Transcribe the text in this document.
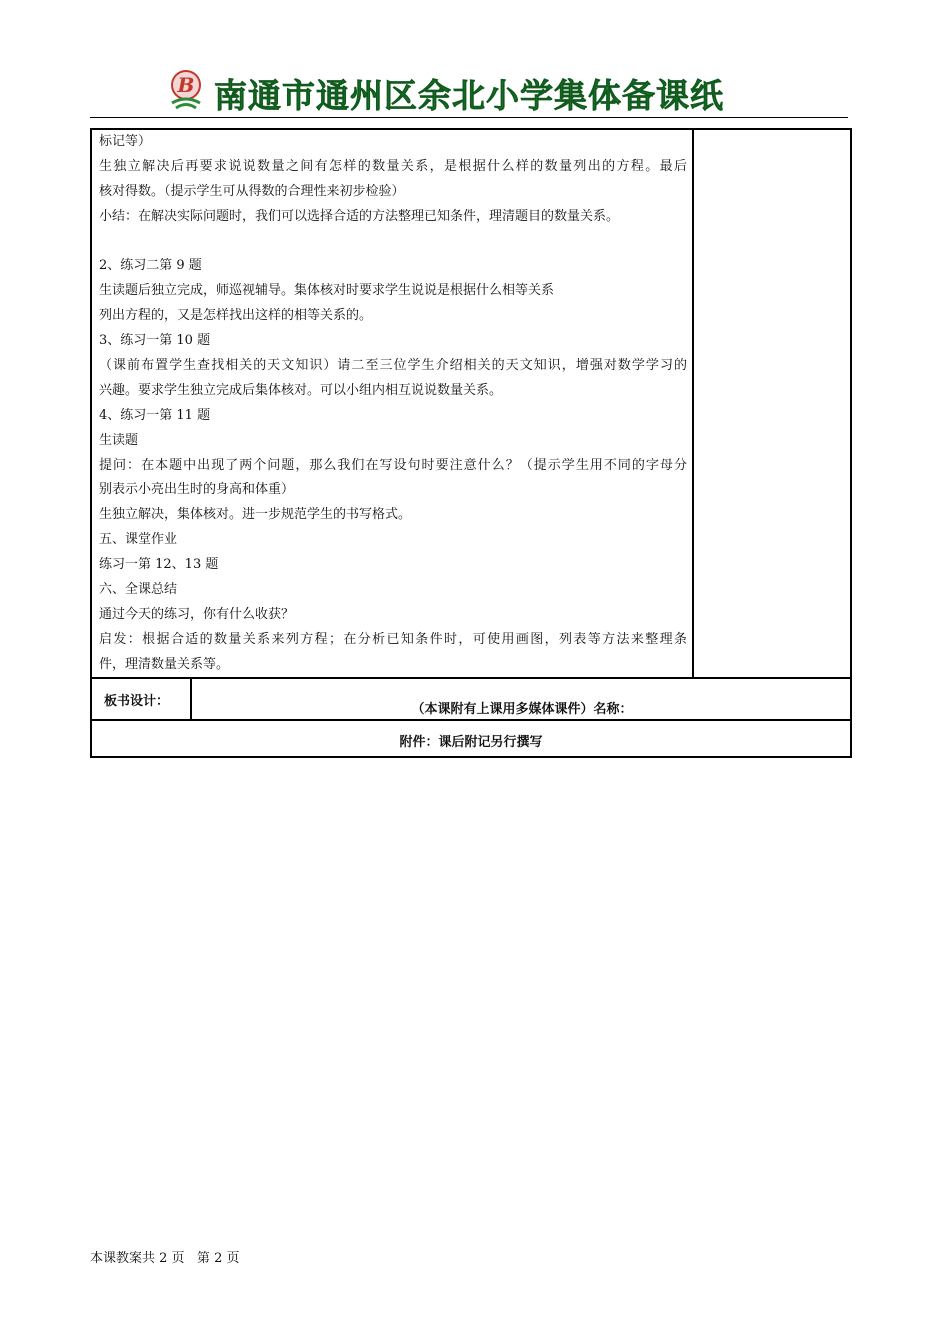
B 南通市通州区余北小学集体备课纸
标记等）
生独立解决后再要求说说数量之间有怎样的数量关系，是根据什么样的数量列出的方程。最后
核对得数。（提示学生可从得数的合理性来初步检验）
小结：在解决实际问题时，我们可以选择合适的方法整理已知条件，理清题目的数量关系。
2、练习二第 9 题
生读题后独立完成，师巡视辅导。集体核对时要求学生说说是根据什么相等关系
列出方程的，又是怎样找出这样的相等关系的。
3、练习一第 10 题
（课前布置学生查找相关的天文知识）请二至三位学生介绍相关的天文知识，增强对数学学习的
兴趣。要求学生独立完成后集体核对。可以小组内相互说说数量关系。
4、练习一第 11 题
生读题
提问：在本题中出现了两个问题，那么我们在写设句时要注意什么？（提示学生用不同的字母分
别表示小亮出生时的身高和体重）
生独立解决，集体核对。进一步规范学生的书写格式。
五、课堂作业
练习一第 12、13 题
六、全课总结
通过今天的练习，你有什么收获？
启发：根据合适的数量关系来列方程；在分析已知条件时，可使用画图，列表等方法来整理条
件，理清数量关系等。
板书设计：
（本课附有上课用多媒体课件）名称：
附件：课后附记另行撰写
本课教案共 2 页   第 2 页
